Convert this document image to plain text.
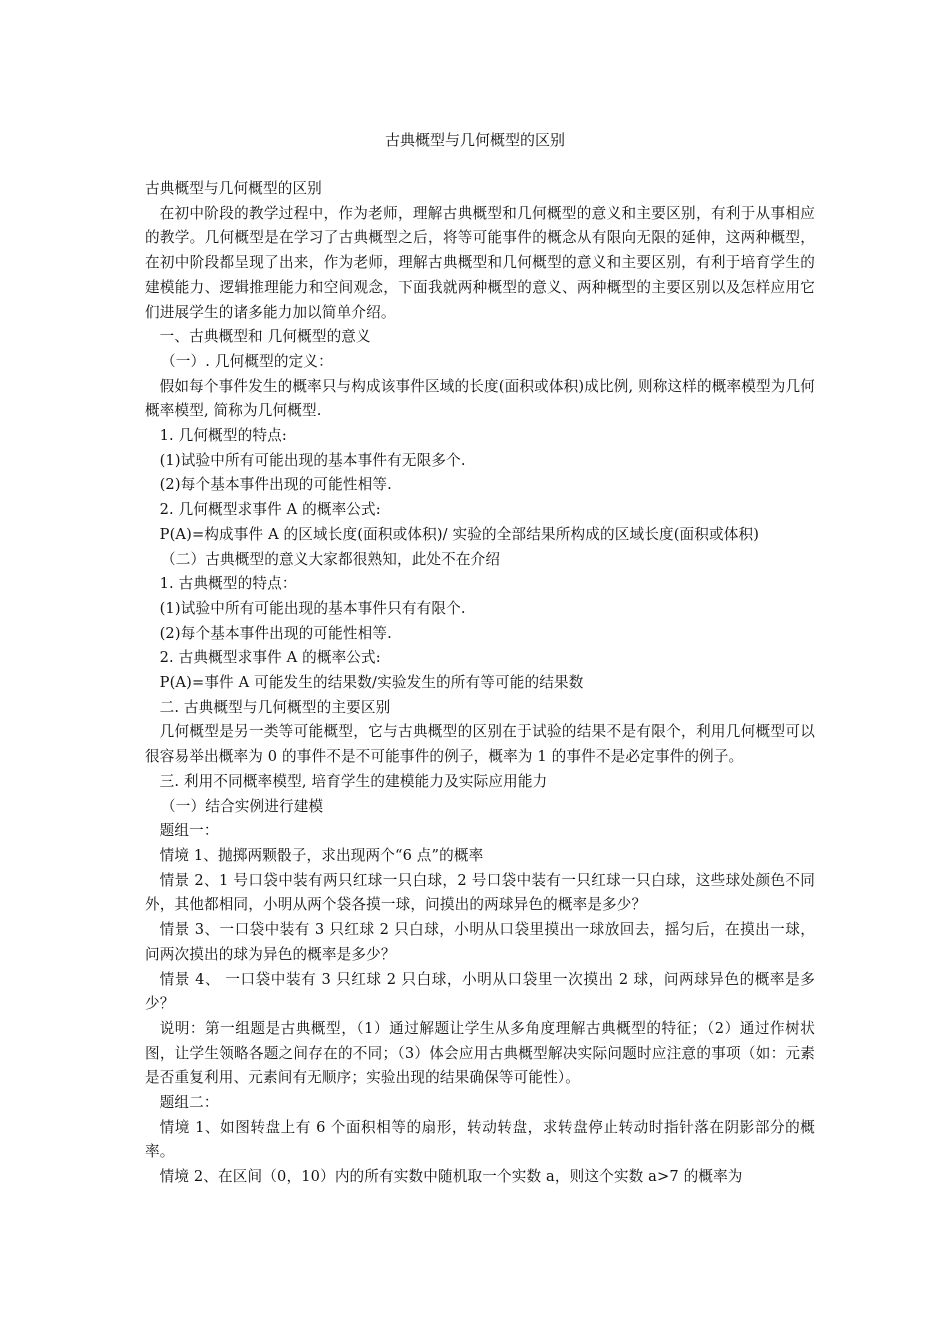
古典概型与几何概型的区别

古典概型与几何概型的区别

在初中阶段的教学过程中，作为老师，理解古典概型和几何概型的意义和主要区别，有利于从事相应的教学。几何概型是在学习了古典概型之后，将等可能事件的概念从有限向无限的延伸，这两种概型，在初中阶段都呈现了出来，作为老师，理解古典概型和几何概型的意义和主要区别，有利于培育学生的建模能力、逻辑推理能力和空间观念，下面我就两种概型的意义、两种概型的主要区别以及怎样应用它们进展学生的诸多能力加以简单介绍。

一、古典概型和 几何概型的意义

（一）. 几何概型的定义：

假如每个事件发生的概率只与构成该事件区域的长度(面积或体积)成比例, 则称这样的概率模型为几何概率模型, 简称为几何概型.

1. 几何概型的特点:

(1)试验中所有可能出现的基本事件有无限多个.

(2)每个基本事件出现的可能性相等.

2. 几何概型求事件 A 的概率公式:

P(A)=构成事件 A 的区域长度(面积或体积)/ 实验的全部结果所构成的区域长度(面积或体积)

（二）古典概型的意义大家都很熟知，此处不在介绍

1. 古典概型的特点：

(1)试验中所有可能出现的基本事件只有有限个.

(2)每个基本事件出现的可能性相等.

2. 古典概型求事件 A 的概率公式:

P(A)=事件 A 可能发生的结果数/实验发生的所有等可能的结果数

二. 古典概型与几何概型的主要区别

几何概型是另一类等可能概型，它与古典概型的区别在于试验的结果不是有限个，利用几何概型可以很容易举出概率为 0 的事件不是不可能事件的例子，概率为 1 的事件不是必定事件的例子。

三. 利用不同概率模型, 培育学生的建模能力及实际应用能力

（一）结合实例进行建模

题组一：

情境 1、抛掷两颗骰子，求出现两个“6 点”的概率

情景 2、1 号口袋中装有两只红球一只白球，2 号口袋中装有一只红球一只白球，这些球处颜色不同外，其他都相同，小明从两个袋各摸一球，问摸出的两球异色的概率是多少？

情景 3、一口袋中装有 3 只红球 2 只白球，小明从口袋里摸出一球放回去，摇匀后，在摸出一球，问两次摸出的球为异色的概率是多少？

情景 4、 一口袋中装有 3 只红球 2 只白球，小明从口袋里一次摸出 2 球，问两球异色的概率是多少？

说明：第一组题是古典概型，（1）通过解题让学生从多角度理解古典概型的特征；（2）通过作树状图，让学生领略各题之间存在的不同；（3）体会应用古典概型解决实际问题时应注意的事项（如：元素是否重复利用、元素间有无顺序；实验出现的结果确保等可能性）。

题组二：

情境 1、如图转盘上有 6 个面积相等的扇形，转动转盘，求转盘停止转动时指针落在阴影部分的概率。

情境 2、在区间（0，10）内的所有实数中随机取一个实数 a，则这个实数 a>7 的概率为
